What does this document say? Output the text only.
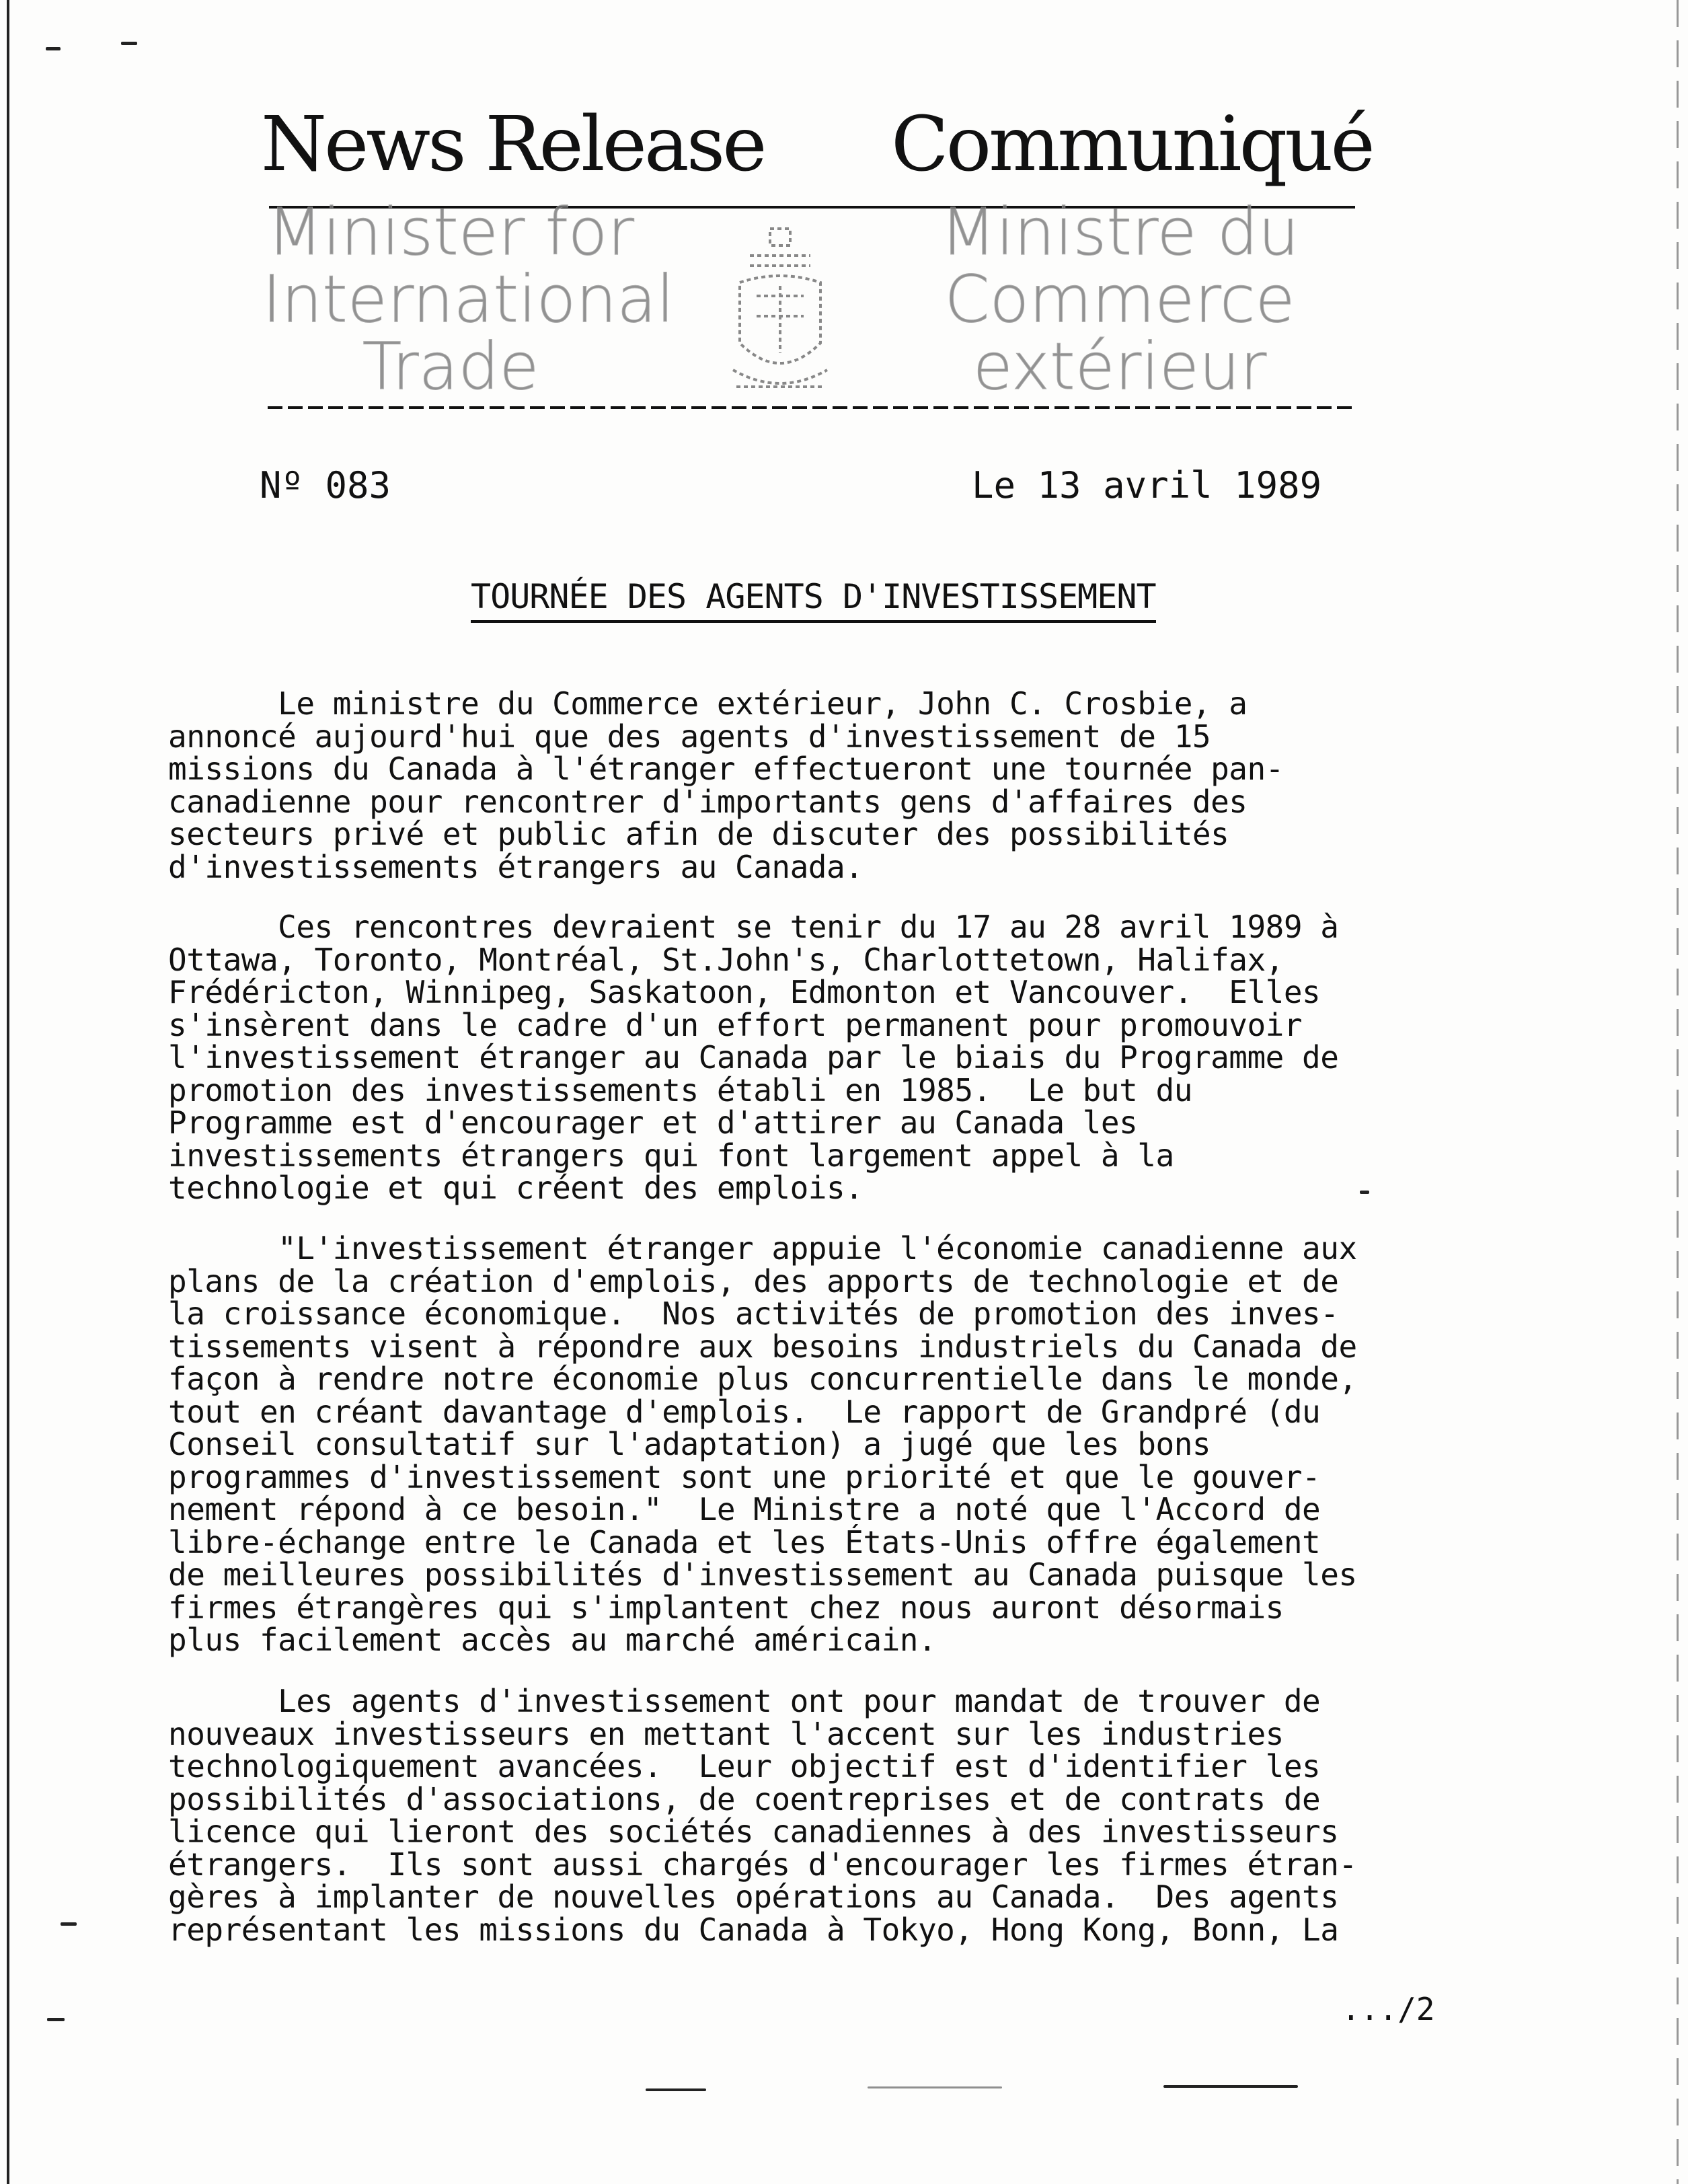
News Release Communiqué
Minister for
International
Trade
Ministre du
Commerce
extérieur
Nº 083	Le 13 avril 1989
TOURNÉE DES AGENTS D'INVESTISSEMENT
Le ministre du Commerce extérieur, John C. Crosbie, a
annoncé aujourd'hui que des agents d'investissement de 15
missions du Canada à l'étranger effectueront une tournée pan-
canadienne pour rencontrer d'importants gens d'affaires des
secteurs privé et public afin de discuter des possibilités
d'investissements étrangers au Canada.
Ces rencontres devraient se tenir du 17 au 28 avril 1989 à
Ottawa, Toronto, Montréal, St.John's, Charlottetown, Halifax,
Frédéricton, Winnipeg, Saskatoon, Edmonton et Vancouver.  Elles
s'insèrent dans le cadre d'un effort permanent pour promouvoir
l'investissement étranger au Canada par le biais du Programme de
promotion des investissements établi en 1985.  Le but du
Programme est d'encourager et d'attirer au Canada les
investissements étrangers qui font largement appel à la
technologie et qui créent des emplois.
"L'investissement étranger appuie l'économie canadienne aux
plans de la création d'emplois, des apports de technologie et de
la croissance économique.  Nos activités de promotion des inves-
tissements visent à répondre aux besoins industriels du Canada de
façon à rendre notre économie plus concurrentielle dans le monde,
tout en créant davantage d'emplois.  Le rapport de Grandpré (du
Conseil consultatif sur l'adaptation) a jugé que les bons
programmes d'investissement sont une priorité et que le gouver-
nement répond à ce besoin."  Le Ministre a noté que l'Accord de
libre-échange entre le Canada et les États-Unis offre également
de meilleures possibilités d'investissement au Canada puisque les
firmes étrangères qui s'implantent chez nous auront désormais
plus facilement accès au marché américain.
Les agents d'investissement ont pour mandat de trouver de
nouveaux investisseurs en mettant l'accent sur les industries
technologiquement avancées.  Leur objectif est d'identifier les
possibilités d'associations, de coentreprises et de contrats de
licence qui lieront des sociétés canadiennes à des investisseurs
étrangers.  Ils sont aussi chargés d'encourager les firmes étran-
gères à implanter de nouvelles opérations au Canada.  Des agents
représentant les missions du Canada à Tokyo, Hong Kong, Bonn, La
.../2
